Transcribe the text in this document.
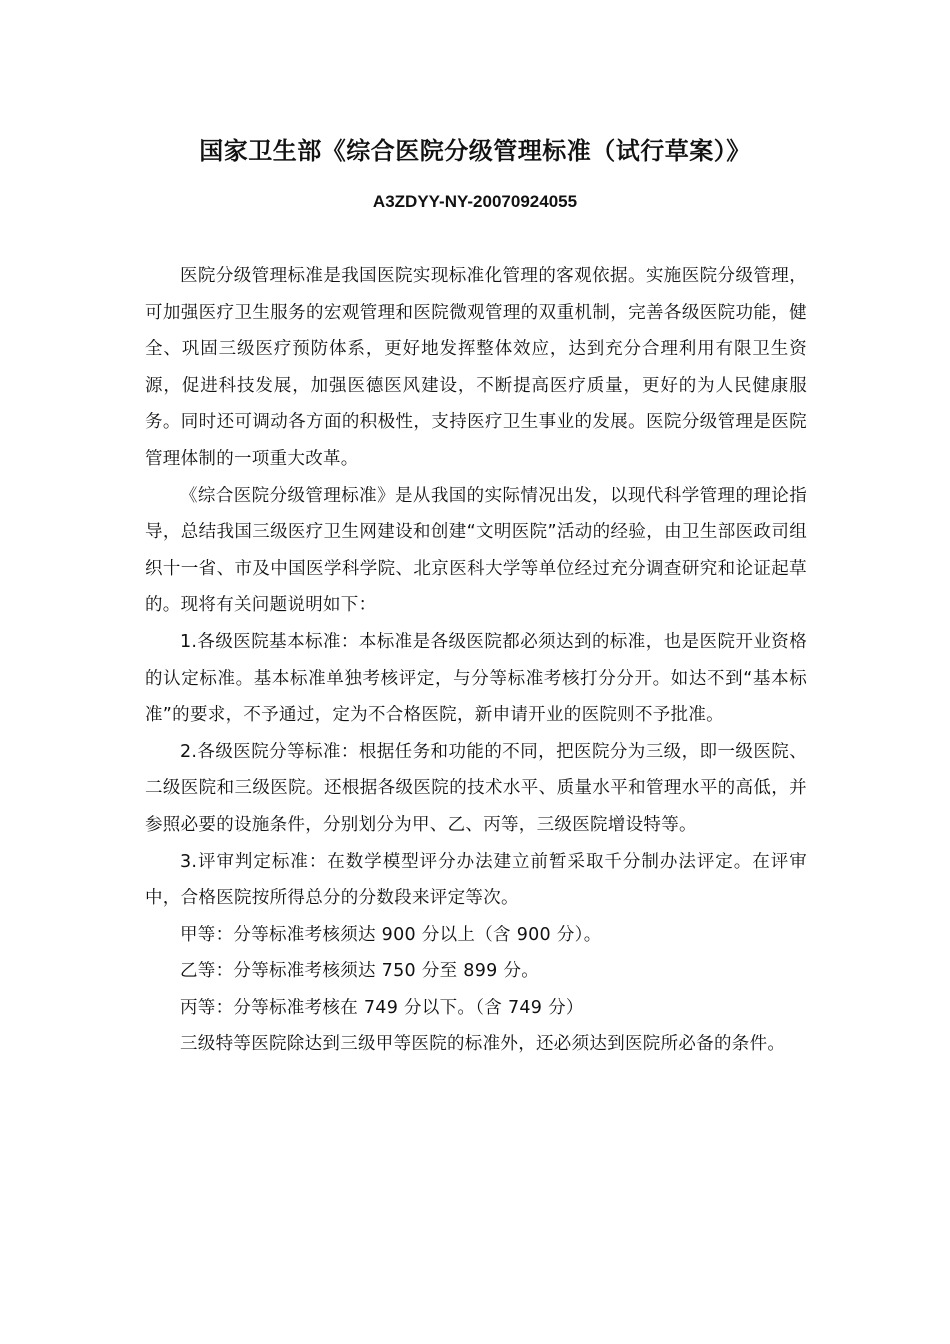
国家卫生部《综合医院分级管理标准（试行草案）》
A3ZDYY-NY-20070924055

医院分级管理标准是我国医院实现标准化管理的客观依据。实施医院分级管理，可加强医疗卫生服务的宏观管理和医院微观管理的双重机制，完善各级医院功能，健全、巩固三级医疗预防体系，更好地发挥整体效应，达到充分合理利用有限卫生资源，促进科技发展，加强医德医风建设，不断提高医疗质量，更好的为人民健康服务。同时还可调动各方面的积极性，支持医疗卫生事业的发展。医院分级管理是医院管理体制的一项重大改革。

《综合医院分级管理标准》是从我国的实际情况出发，以现代科学管理的理论指导，总结我国三级医疗卫生网建设和创建“文明医院”活动的经验，由卫生部医政司组织十一省、市及中国医学科学院、北京医科大学等单位经过充分调查研究和论证起草的。现将有关问题说明如下：

1.各级医院基本标准：本标准是各级医院都必须达到的标准，也是医院开业资格的认定标准。基本标准单独考核评定，与分等标准考核打分分开。如达不到“基本标准”的要求，不予通过，定为不合格医院，新申请开业的医院则不予批准。

2.各级医院分等标准：根据任务和功能的不同，把医院分为三级，即一级医院、二级医院和三级医院。还根据各级医院的技术水平、质量水平和管理水平的高低，并参照必要的设施条件，分别划分为甲、乙、丙等，三级医院增设特等。

3.评审判定标准：在数学模型评分办法建立前暂采取千分制办法评定。在评审中，合格医院按所得总分的分数段来评定等次。

甲等：分等标准考核须达 900 分以上（含 900 分）。

乙等：分等标准考核须达 750 分至 899 分。

丙等：分等标准考核在 749 分以下。（含 749 分）

三级特等医院除达到三级甲等医院的标准外，还必须达到医院所必备的条件。
